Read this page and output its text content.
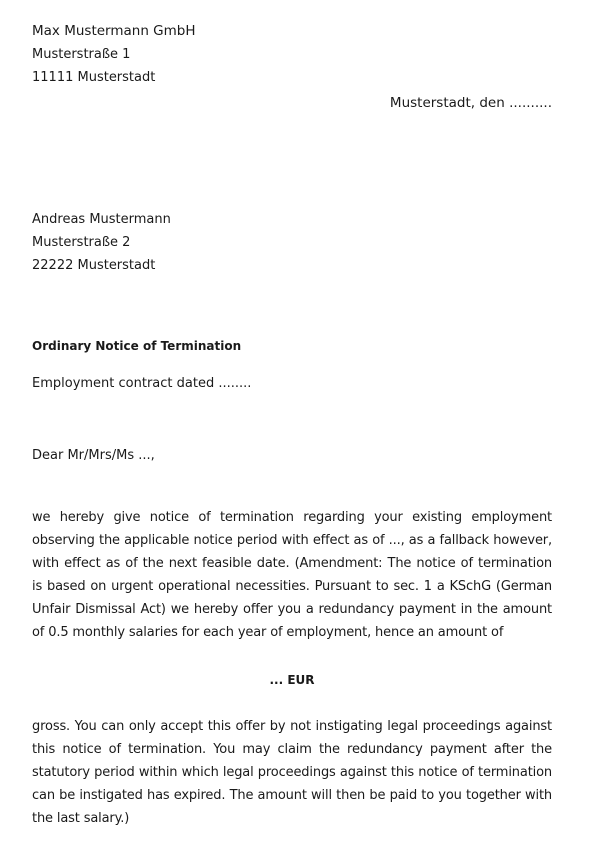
Max Mustermann GmbH
Musterstraße 1
11111 Musterstadt
Musterstadt, den ..........
Andreas Mustermann
Musterstraße 2
22222 Musterstadt
Ordinary Notice of Termination
Employment contract dated ........
Dear Mr/Mrs/Ms ...,
we hereby give notice of termination regarding your existing employment observing the applicable notice period with effect as of ..., as a fallback however, with effect as of the next feasible date. (Amendment: The notice of termination is based on urgent operational necessities. Pursuant to sec. 1 a KSchG (German Unfair Dismissal Act) we hereby offer you a redundancy payment in the amount of 0.5 monthly salaries for each year of employment, hence an amount of
... EUR
gross. You can only accept this offer by not instigating legal proceedings against this notice of termination. You may claim the redundancy payment after the statutory period within which legal proceedings against this notice of termination can be instigated has expired. The amount will then be paid to you together with the last salary.)
